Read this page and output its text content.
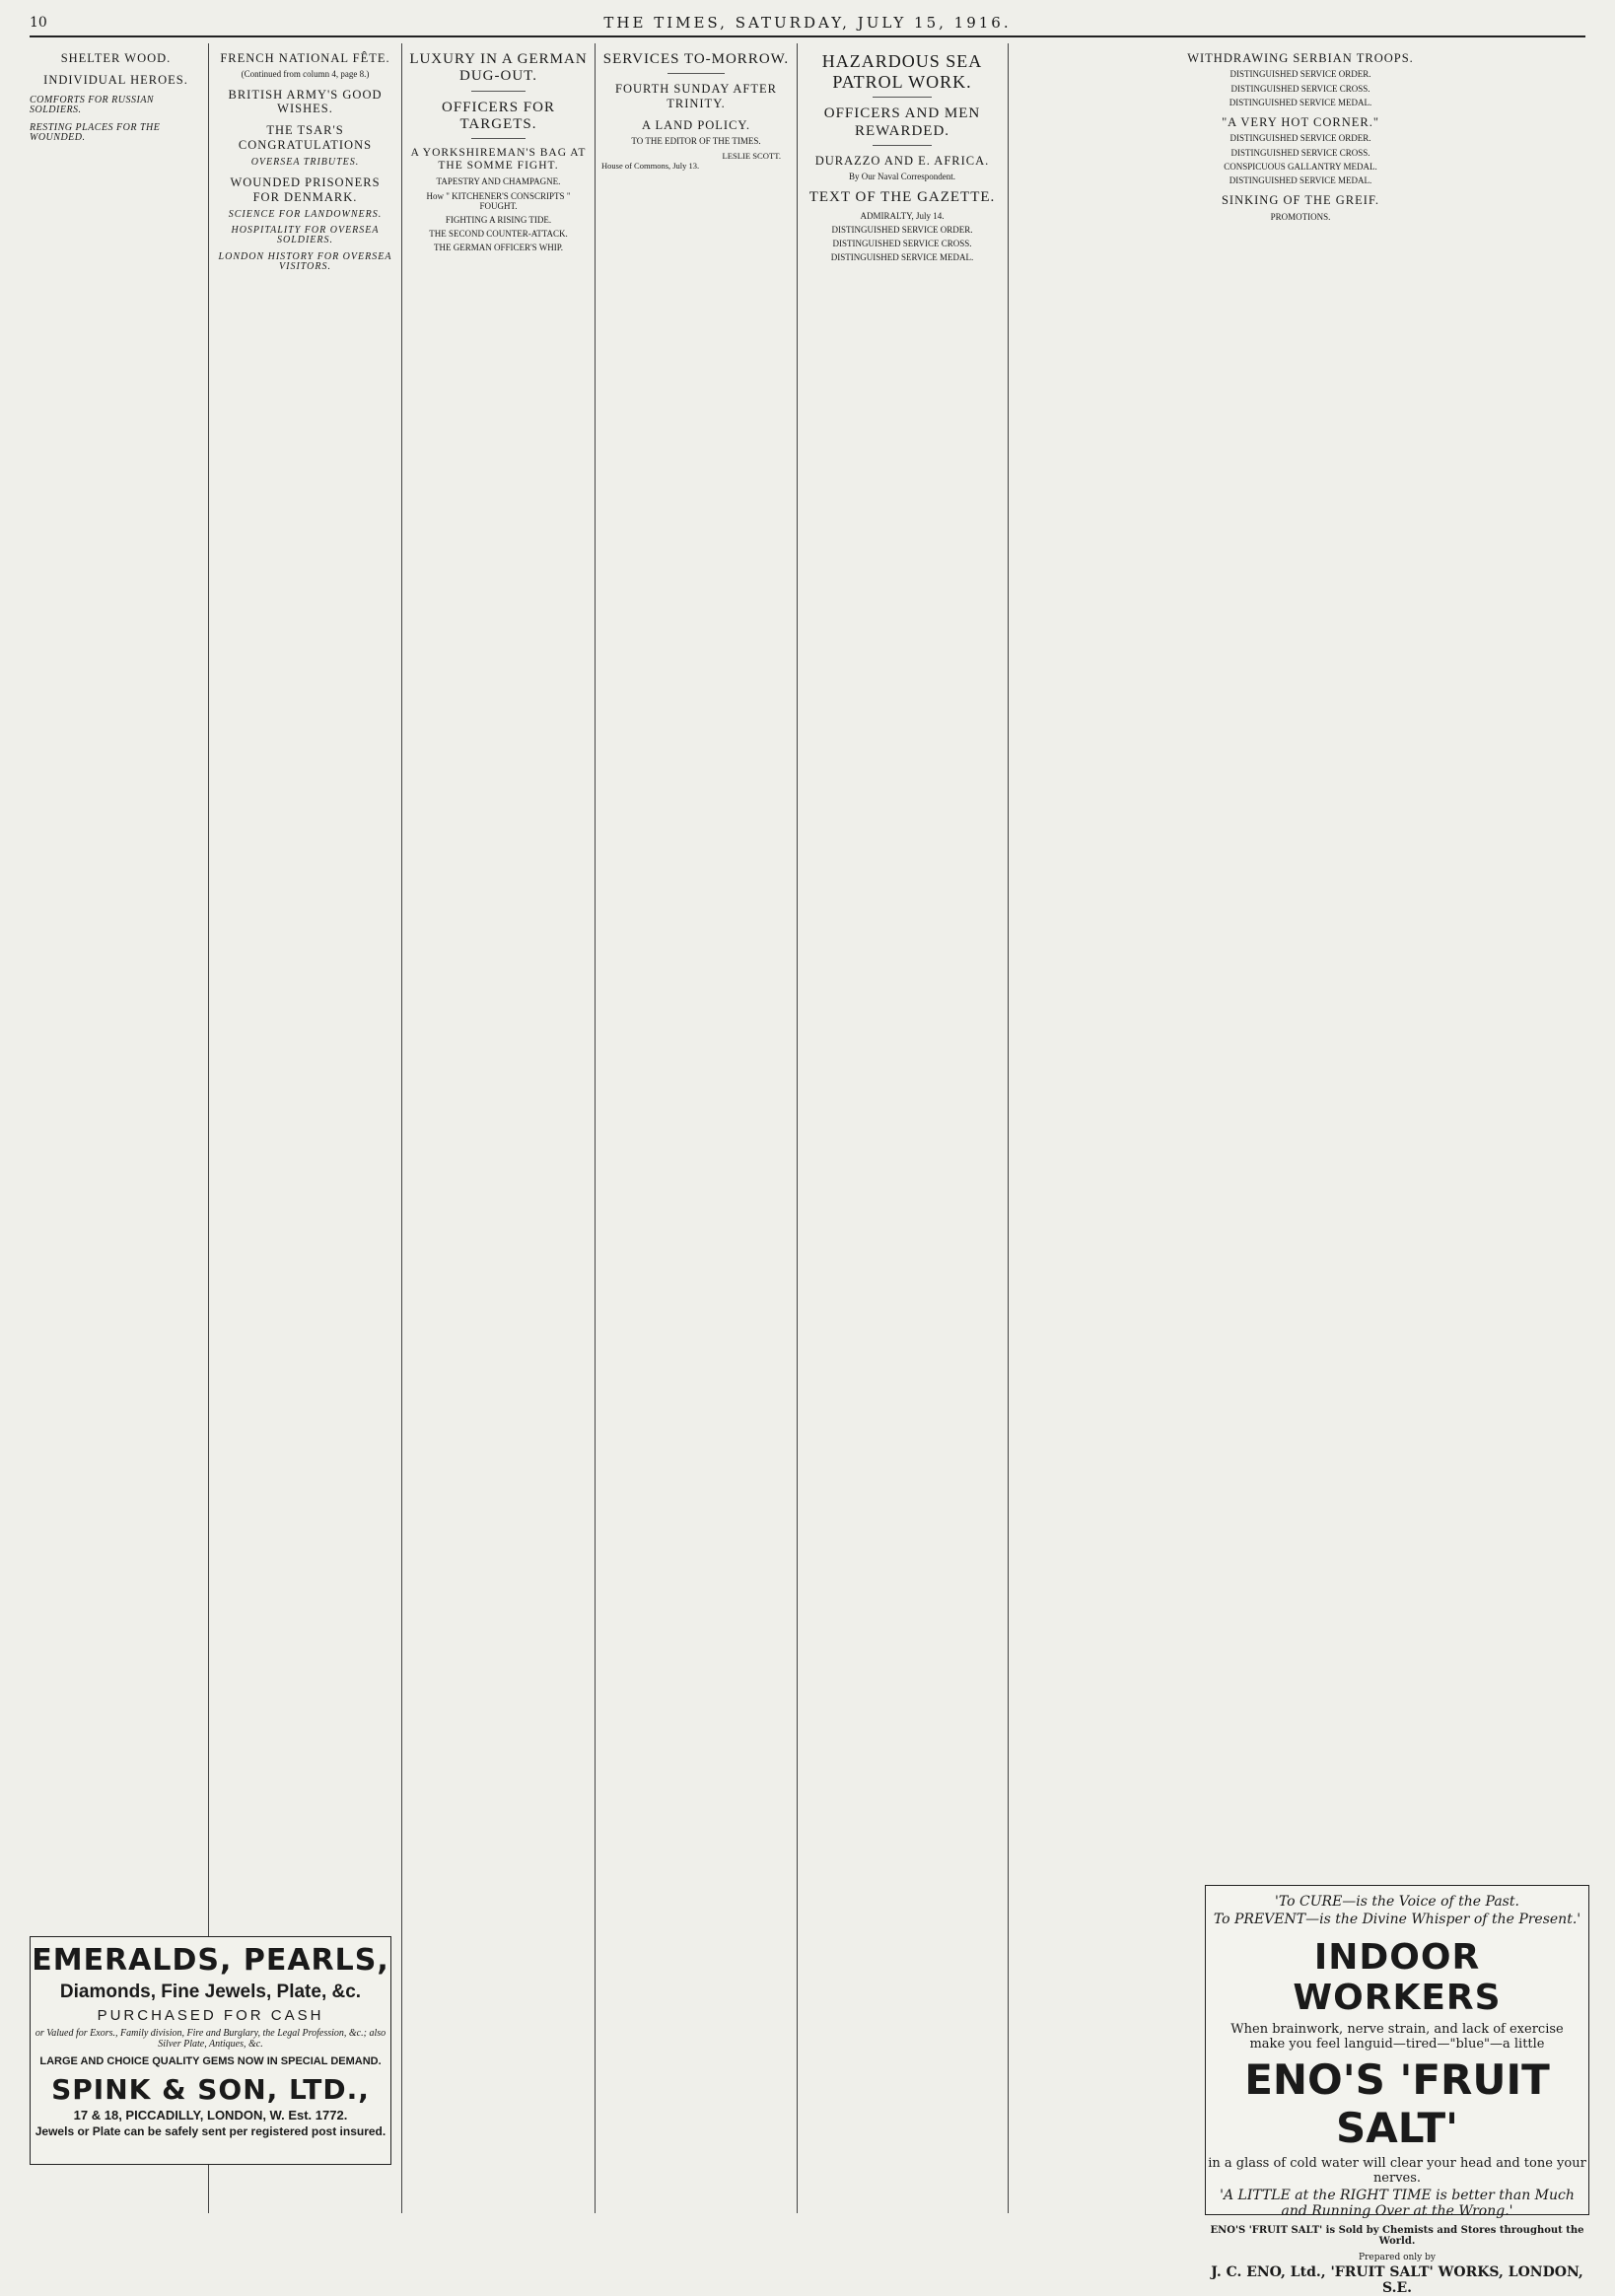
10	THE TIMES, SATURDAY, JULY 15, 1916.
SHELTER WOOD.
INDIVIDUAL HEROES.
COMFORTS FOR RUSSIAN SOLDIERS.
RESTING PLACES FOR THE WOUNDED.
FRENCH NATIONAL FÊTE.
(Continued from column 4, page 8.)
BRITISH ARMY'S GOOD WISHES.
THE TSAR'S CONGRATULATIONS
OVERSEA TRIBUTES.
WOUNDED PRISONERS FOR DENMARK.
SCIENCE FOR LANDOWNERS.
HOSPITALITY FOR OVERSEA SOLDIERS.
LONDON HISTORY FOR OVERSEA VISITORS.
LUXURY IN A GERMAN DUG-OUT.
OFFICERS FOR TARGETS.
A YORKSHIREMAN'S BAG AT THE SOMME FIGHT.
TAPESTRY AND CHAMPAGNE.
How " KITCHENER'S CONSCRIPTS " FOUGHT.
FIGHTING A RISING TIDE.
THE SECOND COUNTER-ATTACK.
THE GERMAN OFFICER'S WHIP.
SERVICES TO-MORROW.
FOURTH SUNDAY AFTER TRINITY.
A LAND POLICY.
TO THE EDITOR OF THE TIMES.
LESLIE SCOTT.
House of Commons, July 13.
HAZARDOUS SEA PATROL WORK.
OFFICERS AND MEN REWARDED.
DURAZZO AND E. AFRICA.
By Our Naval Correspondent.
TEXT OF THE GAZETTE.
ADMIRALTY, July 14.
DISTINGUISHED SERVICE ORDER.
DISTINGUISHED SERVICE CROSS.
DISTINGUISHED SERVICE MEDAL.
WITHDRAWING SERBIAN TROOPS.
DISTINGUISHED SERVICE ORDER.
DISTINGUISHED SERVICE CROSS.
DISTINGUISHED SERVICE MEDAL.
"A VERY HOT CORNER."
DISTINGUISHED SERVICE ORDER.
DISTINGUISHED SERVICE CROSS.
CONSPICUOUS GALLANTRY MEDAL.
DISTINGUISHED SERVICE MEDAL.
SINKING OF THE GREIF.
PROMOTIONS.
EMERALDS, PEARLS,
Diamonds, Fine Jewels, Plate, &c.
PURCHASED FOR CASH
or Valued for Exors., Family division, Fire and Burglary, the Legal Profession, &c.; also Silver Plate, Antiques, &c.
LARGE AND CHOICE QUALITY GEMS NOW IN SPECIAL DEMAND.
SPINK & SON, LTD.,
17 & 18, PICCADILLY, LONDON, W. Est. 1772.
Jewels or Plate can be safely sent per registered post insured.
'To CURE—is the Voice of the Past.
To PREVENT—is the Divine Whisper of the Present.'
INDOOR WORKERS
When brainwork, nerve strain, and lack of exercise
make you feel languid—tired—"blue"—a little
ENO'S 'FRUIT SALT'
in a glass of cold water will clear your head and tone your nerves.
'A LITTLE at the RIGHT TIME is better than Much and Running Over at the Wrong.'
ENO'S 'FRUIT SALT' is Sold by Chemists and Stores throughout the World.
Prepared only by
J. C. ENO, Ltd., 'FRUIT SALT' WORKS, LONDON, S.E.
